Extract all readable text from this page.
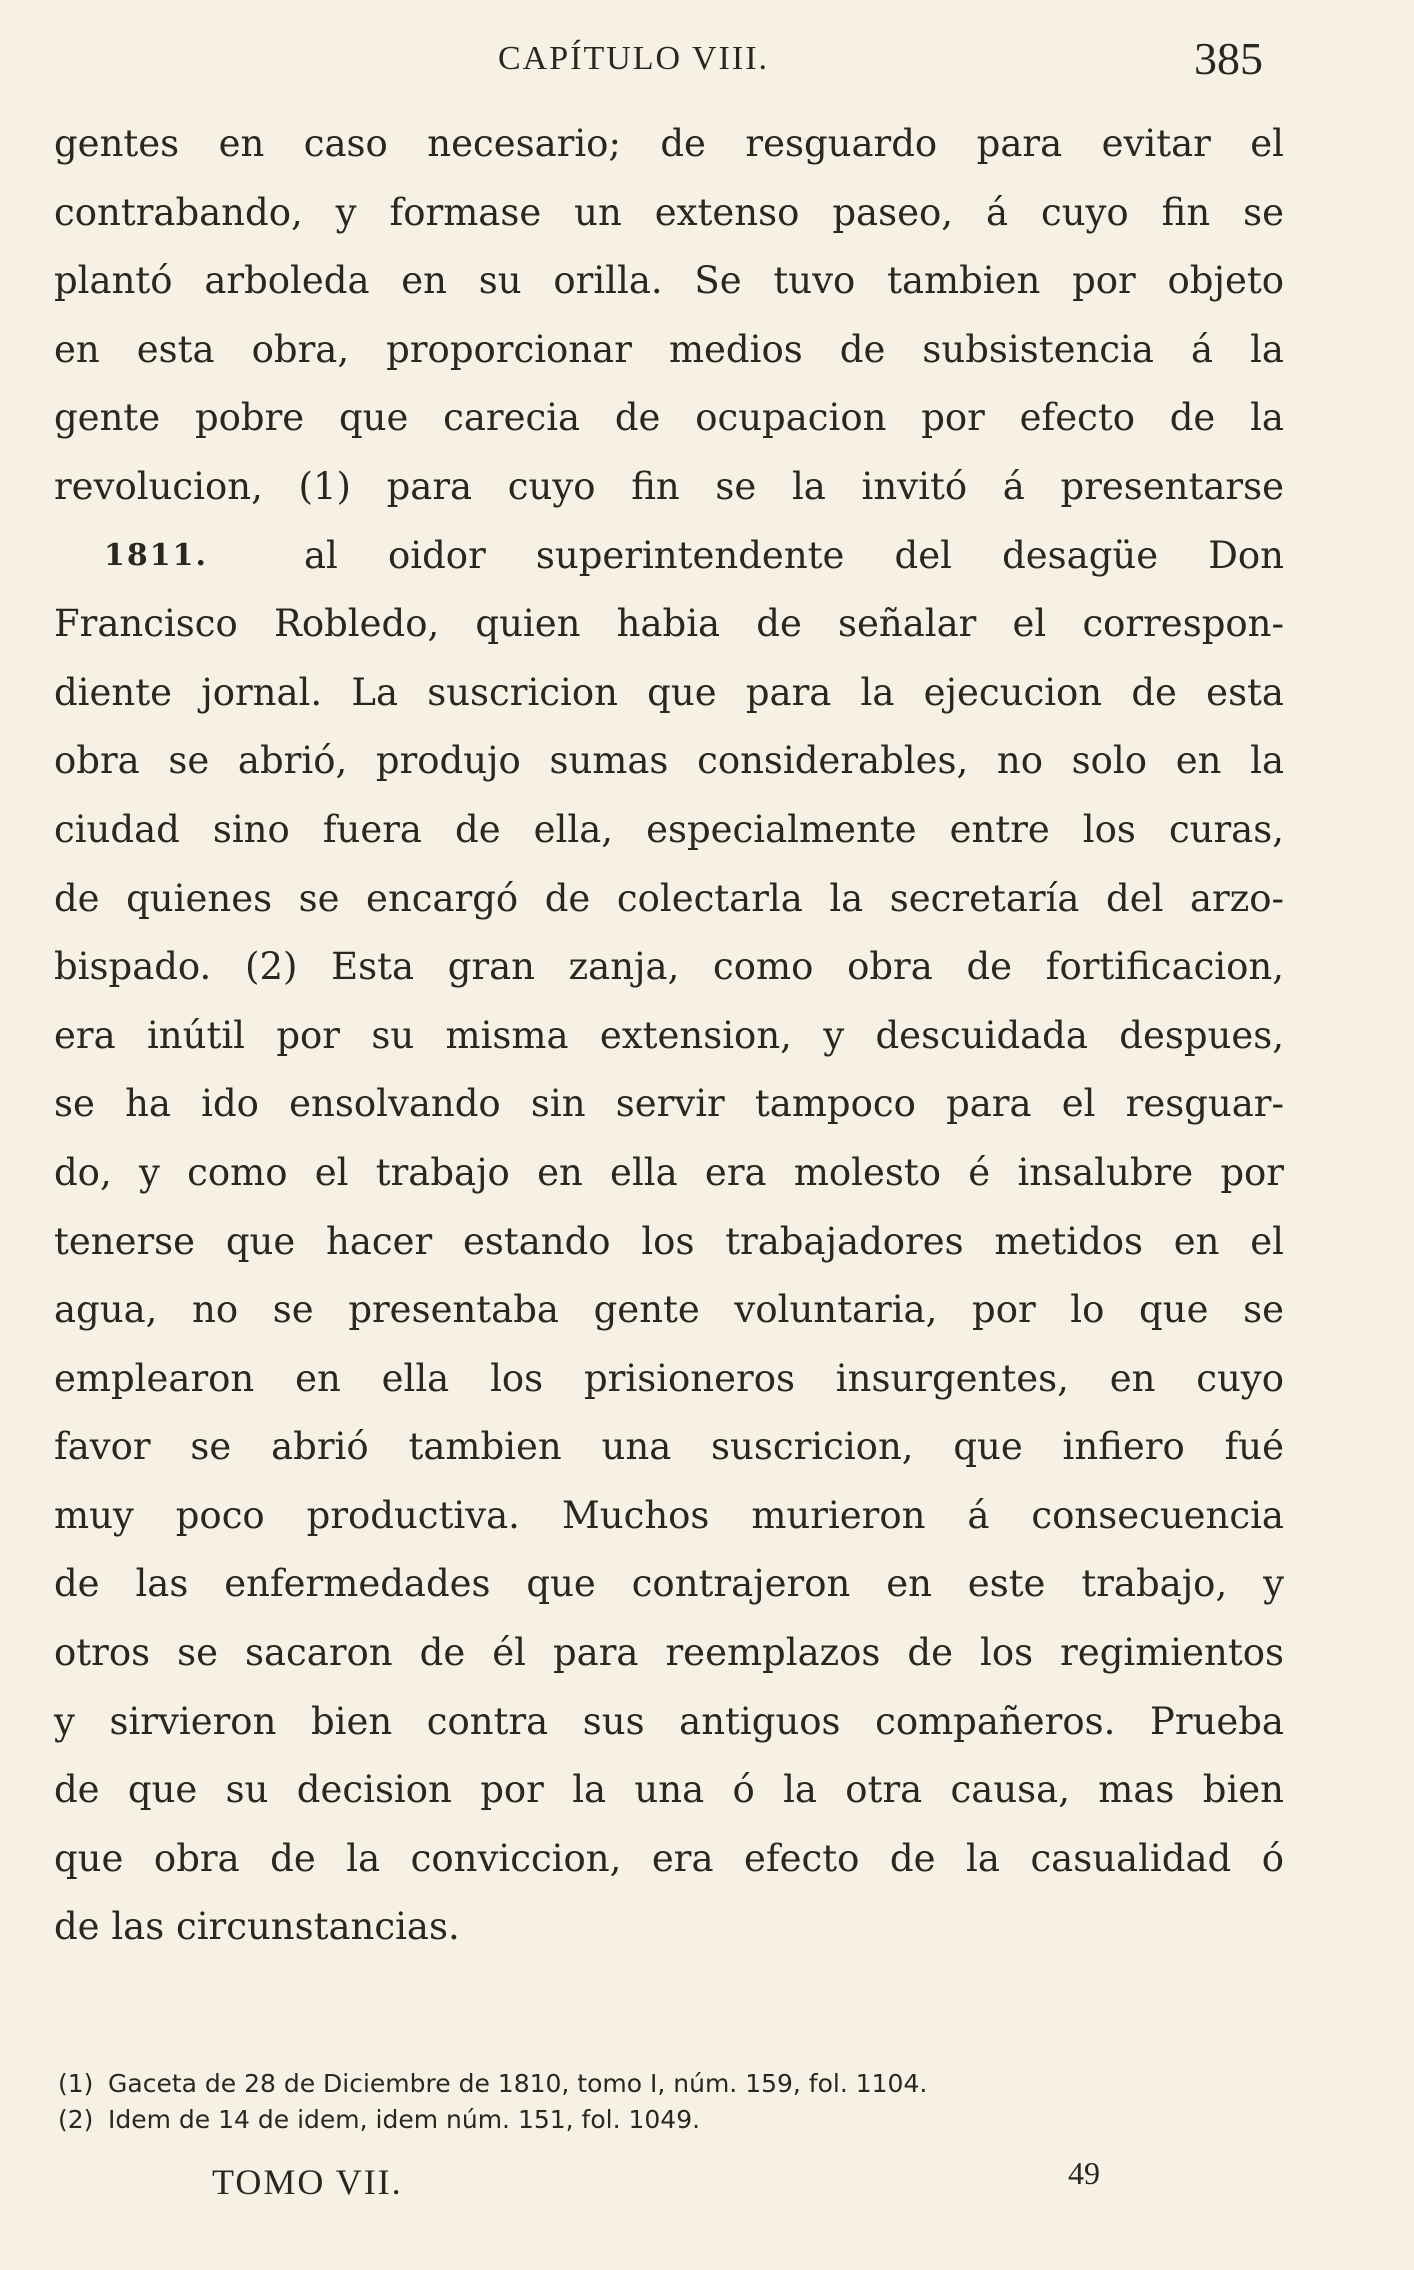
CAPÍTULO VIII.	385
gentes en caso necesario; de resguardo para evitar el
contrabando, y formase un extenso paseo, á cuyo fin se
plantó arboleda en su orilla. Se tuvo tambien por objeto
en esta obra, proporcionar medios de subsistencia á la
gente pobre que carecia de ocupacion por efecto de la
revolucion, (1) para cuyo fin se la invitó á presentarse
1811.	al oidor superintendente del desagüe Don
Francisco Robledo, quien habia de señalar el correspon-
diente jornal. La suscricion que para la ejecucion de esta
obra se abrió, produjo sumas considerables, no solo en la
ciudad sino fuera de ella, especialmente entre los curas,
de quienes se encargó de colectarla la secretaría del arzo-
bispado. (2) Esta gran zanja, como obra de fortificacion,
era inútil por su misma extension, y descuidada despues,
se ha ido ensolvando sin servir tampoco para el resguar-
do, y como el trabajo en ella era molesto é insalubre por
tenerse que hacer estando los trabajadores metidos en el
agua, no se presentaba gente voluntaria, por lo que se
emplearon en ella los prisioneros insurgentes, en cuyo
favor se abrió tambien una suscricion, que infiero fué
muy poco productiva. Muchos murieron á consecuencia
de las enfermedades que contrajeron en este trabajo, y
otros se sacaron de él para reemplazos de los regimientos
y sirvieron bien contra sus antiguos compañeros. Prueba
de que su decision por la una ó la otra causa, mas bien
que obra de la conviccion, era efecto de la casualidad ó
de las circunstancias.
(1) Gaceta de 28 de Diciembre de 1810, tomo I, núm. 159, fol. 1104.
(2) Idem de 14 de idem, idem núm. 151, fol. 1049.
TOMO VII.	49
